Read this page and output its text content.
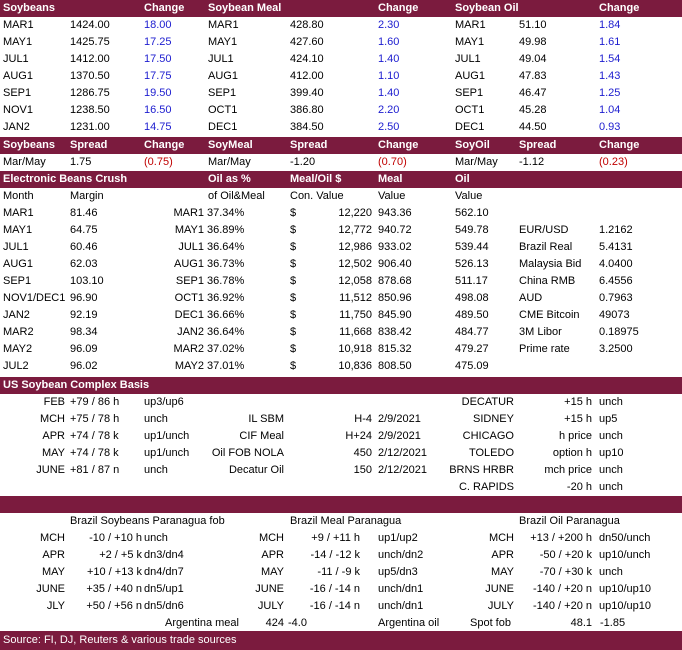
Soybeans	Change Soybean Meal	Change	Soybean Oil	Change
MAR1	1424.00	18.00	MAR1	428.80	2.30	MAR1	51.10	1.84
MAY1	1425.75	17.25	MAY1	427.60	1.60	MAY1	49.98	1.61
JUL1	1412.00	17.50	JUL1	424.10	1.40	JUL1	49.04	1.54
AUG1	1370.50	17.75	AUG1	412.00	1.10	AUG1	47.83	1.43
SEP1	1286.75	19.50	SEP1	399.40	1.40	SEP1	46.47	1.25
NOV1	1238.50	16.50	OCT1	386.80	2.20	OCT1	45.28	1.04
JAN2	1231.00	14.75	DEC1	384.50	2.50	DEC1	44.50	0.93
Soybeans Spread	Change SoyMeal	Spread	Change	SoyOil	Spread	Change
Mar/May 1.75	(0.75)	Mar/May	-1.20	(0.70)	Mar/May -1.12	(0.23)
Electronic Beans Crush	Oil as %	Meal/Oil $	Meal	Oil
Month	Margin	of Oil&Meal Con. Value	Value	Value
MAR1	81.46	MAR1 37.34%	$	12,220 943.36	562.10
MAY1	64.75	MAY1 36.89%	$	12,772 940.72	549.78	EUR/USD	1.2162
JUL1	60.46	JUL1 36.64%	$	12,986 933.02	539.44	Brazil Real 5.4131
AUG1	62.03	AUG1 36.73%	$	12,502 906.40	526.13	Malaysia Bid 4.0400
SEP1	103.10	SEP1 36.78%	$	12,058 878.68	511.17	China RMB 6.4556
NOV1/DEC1 96.90	OCT1 36.92%	$	11,512 850.96	498.08	AUD	0.7963
JAN2	92.19	DEC1 36.66%	$	11,750 845.90	489.50	CME Bitcoin 49073
MAR2	98.34	JAN2 36.64%	$	11,668 838.42	484.77	3M Libor	0.18975
MAY2	96.09	MAR2 37.02%	$	10,918 815.32	479.27	Prime rate	3.2500
JUL2	96.02	MAY2 37.01%	$	10,836 808.50	475.09
US Soybean Complex Basis
FEB +79 / 86 h up3/up6	DECATUR	+15 h unch
MCH +75 / 78 h unch	IL SBM	H-4 2/9/2021	SIDNEY	+15 h up5
APR +74 / 78 k up1/unch	CIF Meal	H+24 2/9/2021	CHICAGO	h price unch
MAY +74 / 78 k up1/unch Oil FOB NOLA	450 2/12/2021	TOLEDO	option h up10
JUNE +81 / 87 n unch	Decatur Oil	150 2/12/2021 BRNS HRBR	mch price unch
C. RAPIDS	-20 h unch
Brazil Soybeans Paranagua fob	Brazil Meal Paranagua	Brazil Oil Paranagua
MCH -10 / +10 h unch	MCH +9 / +11 h up1/up2	MCH +13 / +200 h dn50/unch
APR	+2 / +5 k dn3/dn4	APR -14 / -12 k unch/dn2	APR -50 / +20 k up10/unch
MAY +10 / +13 k dn4/dn7	MAY	-11 / -9 k up5/dn3	MAY -70 / +30 k unch
JUNE +35 / +40 n dn5/up1	JUNE -16 / -14 n unch/dn1	JUNE -140 / +20 n up10/up10
JLY +50 / +56 n dn5/dn6	JULY -16 / -14 n unch/dn1	JULY -140 / +20 n up10/up10
Argentina meal 424 -4.0	Argentina oil	Spot fob	48.1 -1.85
Source: FI, DJ, Reuters & various trade sources
